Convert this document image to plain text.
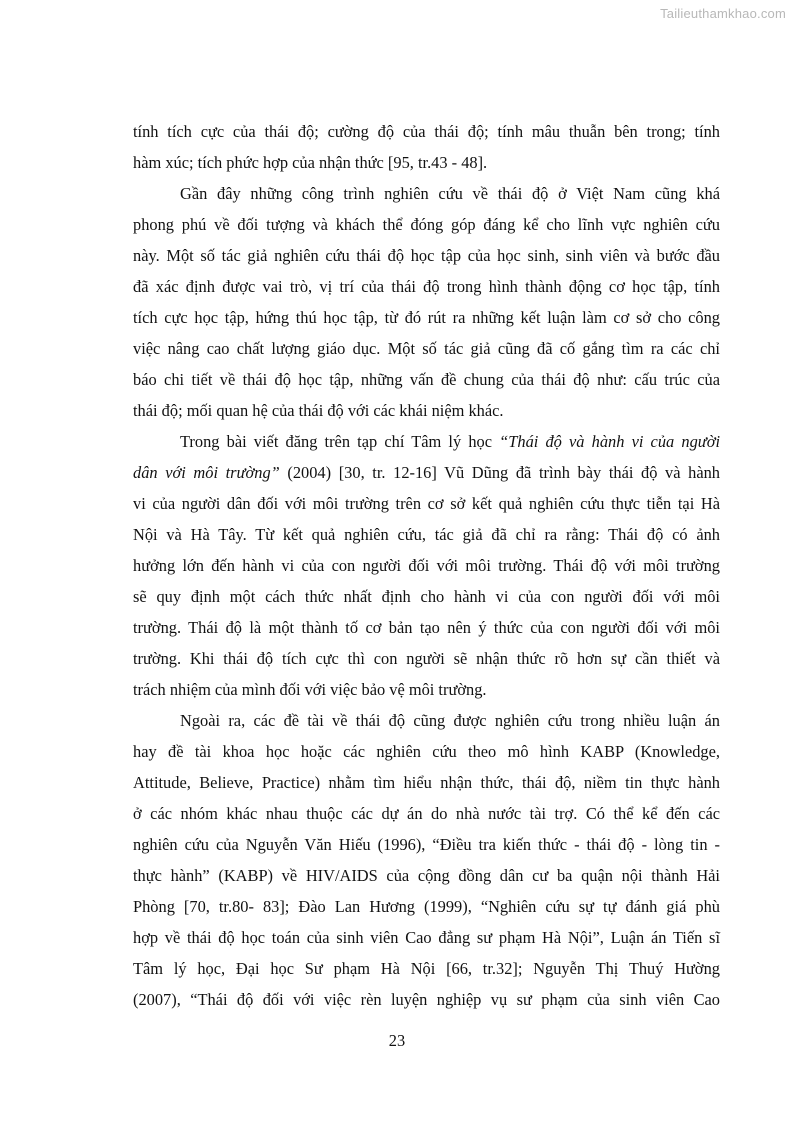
Tailieuthamkhao.com
tính tích cực của thái độ; cường độ của thái độ; tính mâu thuẫn bên trong; tính
hàm xúc; tích phức hợp của nhận thức [95, tr.43 - 48].
Gần đây những công trình nghiên cứu về thái độ ở Việt Nam cũng khá
phong phú về đối tượng và khách thể đóng góp đáng kể cho lĩnh vực nghiên cứu
này. Một số tác giả nghiên cứu thái độ học tập của học sinh, sinh viên và bước đầu
đã xác định được vai trò, vị trí của thái độ trong hình thành động cơ học tập, tính
tích cực học tập, hứng thú học tập, từ đó rút ra những kết luận làm cơ sở cho công
việc nâng cao chất lượng giáo dục. Một số tác giả cũng đã cố gắng tìm ra các chỉ
báo chi tiết về thái độ học tập, những vấn đề chung của thái độ như: cấu trúc của
thái độ; mối quan hệ của thái độ với các khái niệm khác.
Trong bài viết đăng trên tạp chí Tâm lý học “Thái độ và hành vi của người
dân với môi trường” (2004) [30, tr. 12-16] Vũ Dũng đã trình bày thái độ và hành
vi của người dân đối với môi trường trên cơ sở kết quả nghiên cứu thực tiễn tại Hà
Nội và Hà Tây. Từ kết quả nghiên cứu, tác giả đã chỉ ra rằng: Thái độ có ảnh
hưởng lớn đến hành vi của con người đối với môi trường. Thái độ với môi trường
sẽ quy định một cách thức nhất định cho hành vi của con người đối với môi
trường. Thái độ là một thành tố cơ bản tạo nên ý thức của con người đối với môi
trường. Khi thái độ tích cực thì con người sẽ nhận thức rõ hơn sự cần thiết và
trách nhiệm của mình đối với việc bảo vệ môi trường.
Ngoài ra, các đề tài về thái độ cũng được nghiên cứu trong nhiều luận án
hay đề tài khoa học hoặc các nghiên cứu theo mô hình KABP (Knowledge,
Attitude, Believe, Practice) nhằm tìm hiểu nhận thức, thái độ, niềm tin thực hành
ở các nhóm khác nhau thuộc các dự án do nhà nước tài trợ. Có thể kể đến các
nghiên cứu của Nguyễn Văn Hiếu (1996), “Điều tra kiến thức - thái độ - lòng tin -
thực hành” (KABP) về HIV/AIDS của cộng đồng dân cư ba quận nội thành Hải
Phòng [70, tr.80- 83]; Đào Lan Hương (1999), “Nghiên cứu sự tự đánh giá phù
hợp về thái độ học toán của sinh viên Cao đẳng sư phạm Hà Nội”, Luận án Tiến sĩ
Tâm lý học, Đại học Sư phạm Hà Nội [66, tr.32]; Nguyễn Thị Thuý Hường
(2007), “Thái độ đối với việc rèn luyện nghiệp vụ sư phạm của sinh viên Cao
23
